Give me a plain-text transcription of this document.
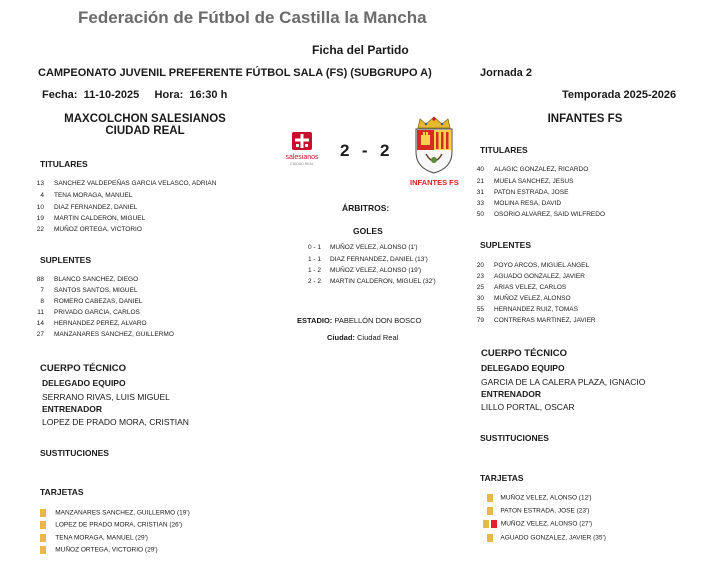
Federación de Fútbol de Castilla la Mancha
Ficha del Partido
CAMPEONATO JUVENIL PREFERENTE FÚTBOL SALA (FS) (SUBGRUPO A)	Jornada 2
Fecha: 11-10-2025 Hora: 16:30 h	Temporada 2025-2026
MAXCOLCHON SALESIANOS
CIUDAD REAL
INFANTES FS
salesianos
CIUDAD REAL
2 - 2
INFANTES FS
TITULARES
13 SANCHEZ VALDEPEÑAS GARCIA VELASCO, ADRIAN
4 TENA MORAGA, MANUEL
10 DIAZ FERNANDEZ, DANIEL
19 MARTIN CALDERON, MIGUEL
22 MUÑOZ ORTEGA, VICTORIO
SUPLENTES
88 BLANCO SANCHEZ, DIEGO
7 SANTOS SANTOS, MIGUEL
8 ROMERO CABEZAS, DANIEL
11 PRIVADO GARCIA, CARLOS
14 HERNANDEZ PEREZ, ALVARO
27 MANZANARES SANCHEZ, GUILLERMO
CUERPO TÉCNICO
DELEGADO EQUIPO
SERRANO RIVAS, LUIS MIGUEL
ENTRENADOR
LOPEZ DE PRADO MORA, CRISTIAN
SUSTITUCIONES
TARJETAS
MANZANARES SANCHEZ, GUILLERMO (19')
LOPEZ DE PRADO MORA, CRISTIAN (26')
TENA MORAGA, MANUEL (29')
MUÑOZ ORTEGA, VICTORIO (29')
ÁRBITROS:
GOLES
0 - 1 MUÑOZ VELEZ, ALONSO (1')
1 - 1 DIAZ FERNANDEZ, DANIEL (13')
1 - 2 MUÑOZ VELEZ, ALONSO (19')
2 - 2 MARTIN CALDERON, MIGUEL (32')
ESTADIO: PABELLÓN DON BOSCO
Ciudad: Ciudad Real
TITULARES
40 ALAGIC GONZALEZ, RICARDO
21 MUELA SANCHEZ, JESUS
31 PATON ESTRADA, JOSE
33 MOLINA RESA, DAVID
50 OSORIO ALVAREZ, SAID WILFREDO
SUPLENTES
20 POYO ARCOS, MIGUEL ANGEL
23 AGUADO GONZALEZ, JAVIER
25 ARIAS VELEZ, CARLOS
30 MUÑOZ VELEZ, ALONSO
55 HERNANDEZ RUIZ, TOMAS
79 CONTRERAS MARTINEZ, JAVIER
CUERPO TÉCNICO
DELEGADO EQUIPO
GARCIA DE LA CALERA PLAZA, IGNACIO
ENTRENADOR
LILLO PORTAL, OSCAR
SUSTITUCIONES
TARJETAS
MUÑOZ VELEZ, ALONSO (12')
PATON ESTRADA, JOSE (23')
MUÑOZ VELEZ, ALONSO (27')
AGUADO GONZALEZ, JAVIER (35')
